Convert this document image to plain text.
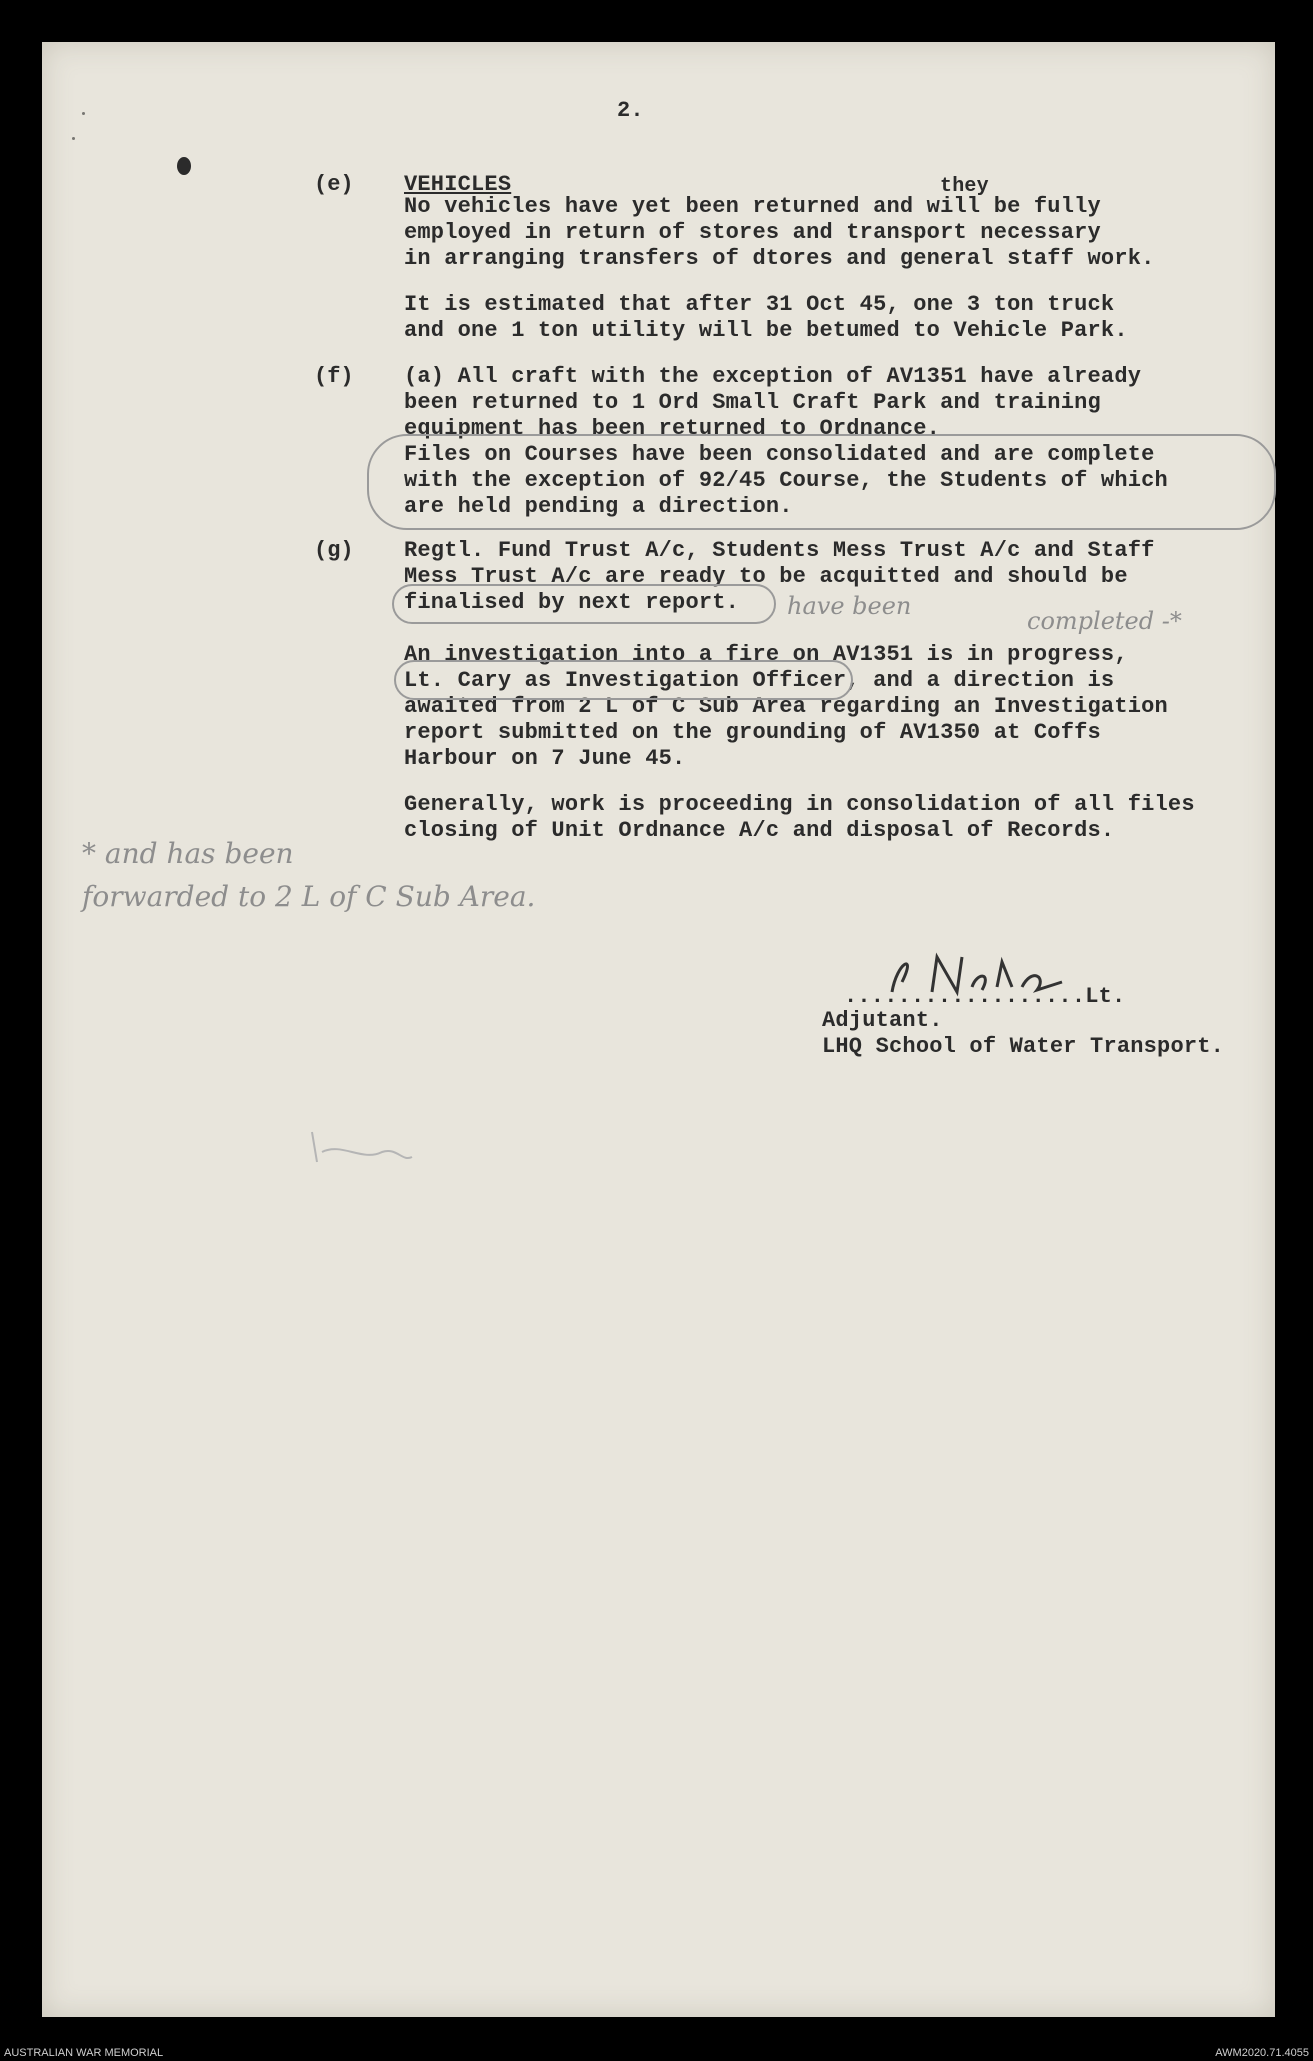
2.
(e) VEHICLES	they
No vehicles have yet been returned and will be fully
employed in return of stores and transport necessary
in arranging transfers of dtores and general staff work.
It is estimated that after 31 Oct 45, one 3 ton truck
and one 1 ton utility will be betumed to Vehicle Park.
(f) (a) All craft with the exception of AV1351 have already
been returned to 1 Ord Small Craft Park and training
equipment has been returned to Ordnance.
Files on Courses have been consolidated and are complete
with the exception of 92/45 Course, the Students of which
are held pending a direction.
(g) Regtl. Fund Trust A/c, Students Mess Trust A/c and Staff
Mess Trust A/c are ready to be acquitted and should be
finalised by next report. have been
completed -*
An investigation into a fire on AV1351 is in progress,
Lt. Cary as Investigation Officer, and a direction is
awaited from 2 L of C Sub Area regarding an Investigation
report submitted on the grounding of AV1350 at Coffs
Harbour on 7 June 45.
Generally, work is proceeding in consolidation of all files
closing of Unit Ordnance A/c and disposal of Records.
* and has been
forwarded to 2 L of C Sub Area.
..................Lt.
Adjutant.
LHQ School of Water Transport.
AUSTRALIAN WAR MEMORIAL	AWM2020.71.4055
